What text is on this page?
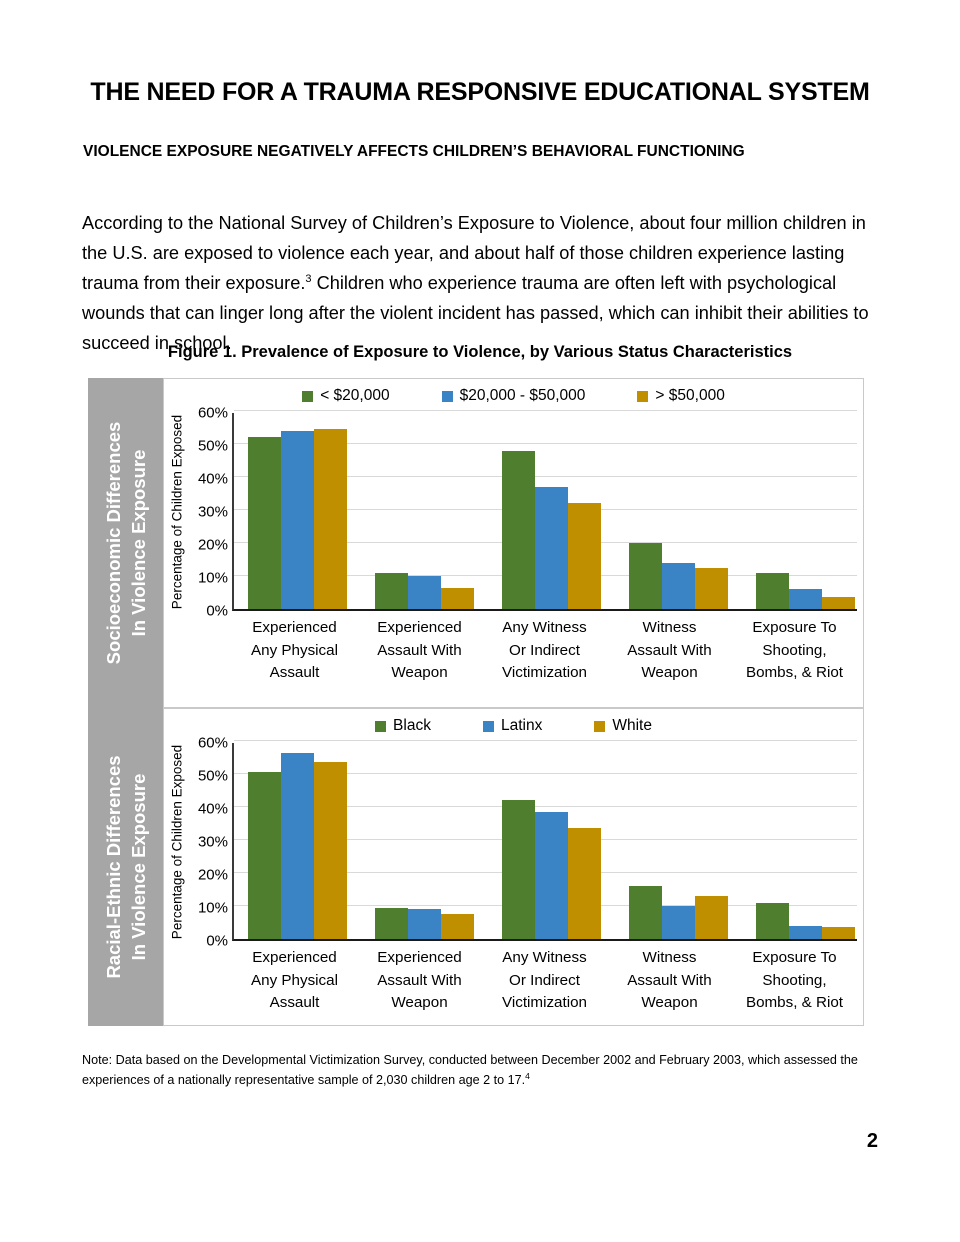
THE NEED FOR A TRAUMA RESPONSIVE EDUCATIONAL SYSTEM
VIOLENCE EXPOSURE NEGATIVELY AFFECTS CHILDREN’S BEHAVIORAL FUNCTIONING

According to the National Survey of Children’s Exposure to Violence, about four million children in the U.S. are exposed to violence each year, and about half of those children experience lasting trauma from their exposure.$^3$ Children who experience trauma are often left with psychological wounds that can linger long after the violent incident has passed, which can inhibit their abilities to succeed in school.

Figure 1. Prevalence of Exposure to Violence, by Various Status Characteristics
Socioeconomic Differences In Violence Exposure
< $20,000	$20,000 - $50,000	> $50,000
Percentage of Children Exposed
0%
10%
20%
30%
40%
50%
60%
Experienced
Any Physical
Assault
Experienced
Assault With
Weapon
Any Witness
Or Indirect
Victimization
Witness
Assault With
Weapon
Exposure To
Shooting,
Bombs, & Riot
Racial-Ethnic Differences In Violence Exposure
Black	Latinx	White
Percentage of Children Exposed
0%
10%
20%
30%
40%
50%
60%
Experienced
Any Physical
Assault
Experienced
Assault With
Weapon
Any Witness
Or Indirect
Victimization
Witness
Assault With
Weapon
Exposure To
Shooting,
Bombs, & Riot

Note: Data based on the Developmental Victimization Survey, conducted between December 2002 and February 2003, which assessed the experiences of a nationally representative sample of 2,030 children age 2 to 17.$^4$

2
